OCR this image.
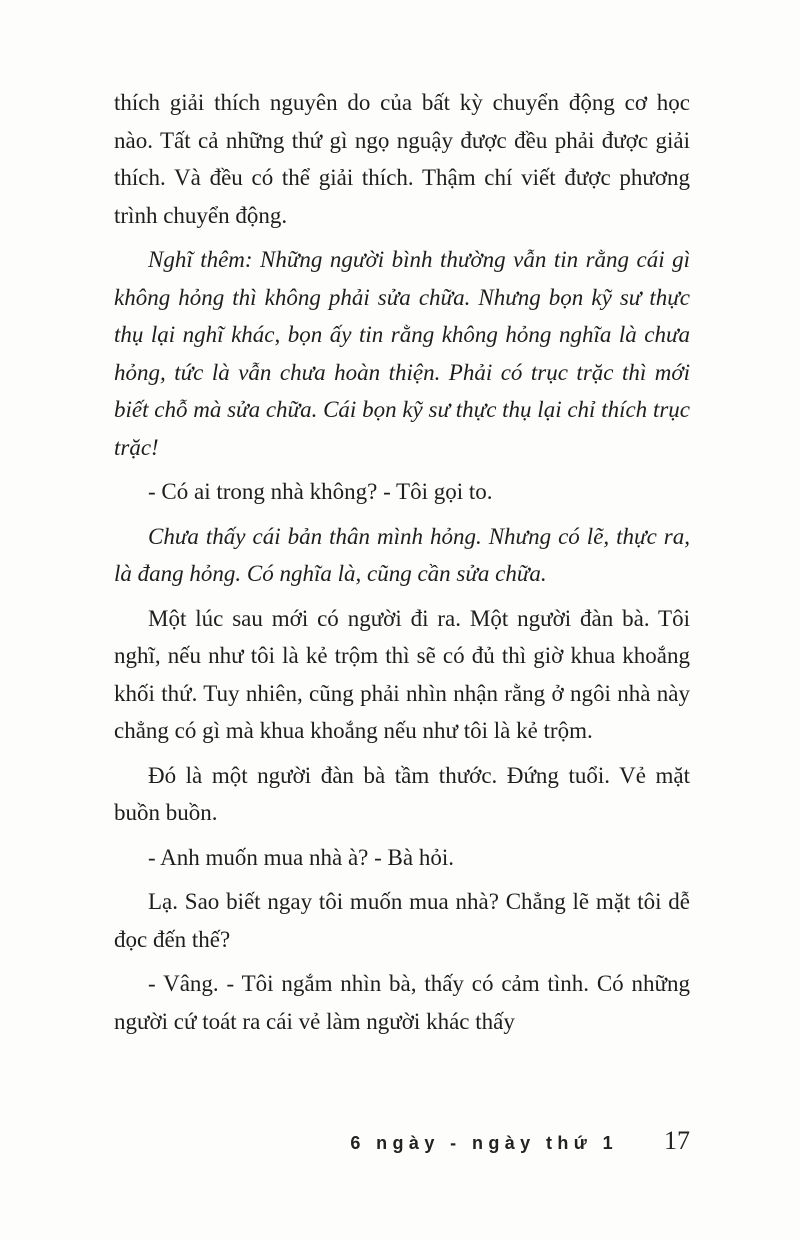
thích giải thích nguyên do của bất kỳ chuyển động cơ học nào. Tất cả những thứ gì ngọ nguậy được đều phải được giải thích. Và đều có thể giải thích. Thậm chí viết được phương trình chuyển động.

Nghĩ thêm: Những người bình thường vẫn tin rằng cái gì không hỏng thì không phải sửa chữa. Nhưng bọn kỹ sư thực thụ lại nghĩ khác, bọn ấy tin rằng không hỏng nghĩa là chưa hỏng, tức là vẫn chưa hoàn thiện. Phải có trục trặc thì mới biết chỗ mà sửa chữa. Cái bọn kỹ sư thực thụ lại chỉ thích trục trặc!

- Có ai trong nhà không? - Tôi gọi to.

Chưa thấy cái bản thân mình hỏng. Nhưng có lẽ, thực ra, là đang hỏng. Có nghĩa là, cũng cần sửa chữa.

Một lúc sau mới có người đi ra. Một người đàn bà. Tôi nghĩ, nếu như tôi là kẻ trộm thì sẽ có đủ thì giờ khua khoắng khối thứ. Tuy nhiên, cũng phải nhìn nhận rằng ở ngôi nhà này chẳng có gì mà khua khoắng nếu như tôi là kẻ trộm.

Đó là một người đàn bà tầm thước. Đứng tuổi. Vẻ mặt buồn buồn.

- Anh muốn mua nhà à? - Bà hỏi.

Lạ. Sao biết ngay tôi muốn mua nhà? Chẳng lẽ mặt tôi dễ đọc đến thế?

- Vâng. - Tôi ngắm nhìn bà, thấy có cảm tình. Có những người cứ toát ra cái vẻ làm người khác thấy

6 ngày - ngày thứ 1 17
